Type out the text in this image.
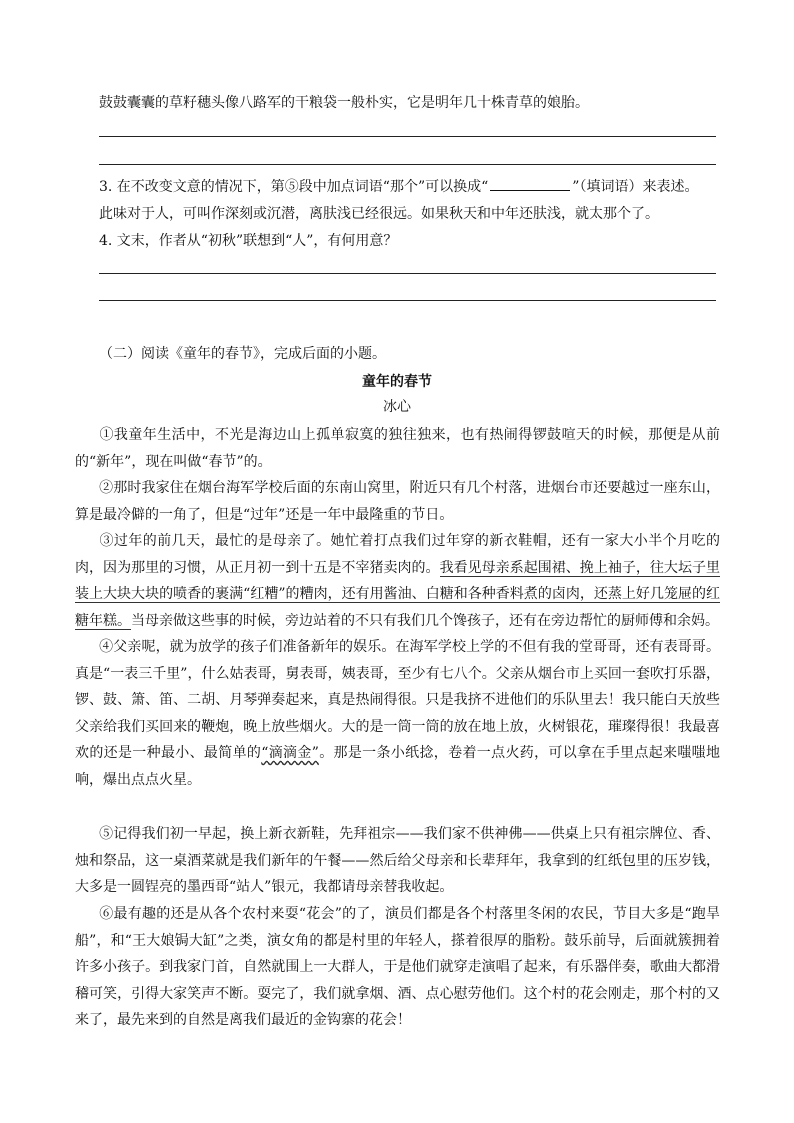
鼓鼓囊囊的草籽穗头像八路军的干粮袋一般朴实，它是明年几十株青草的娘胎。
3. 在不改变文意的情况下，第⑤段中加点词语“那个”可以换成“	”（填词语）来表述。
此味对于人，可叫作深刻或沉潜，离肤浅已经很远。如果秋天和中年还肤浅，就太那个了。
4. 文末，作者从“初秋”联想到“人”，有何用意？
（二）阅读《童年的春节》，完成后面的小题。
童年的春节
冰心
①我童年生活中，不光是海边山上孤单寂寞的独往独来，也有热闹得锣鼓喧天的时候，那便是从前的“新年”，现在叫做“春节”的。
②那时我家住在烟台海军学校后面的东南山窝里，附近只有几个村落，进烟台市还要越过一座东山，算是最冷僻的一角了，但是“过年”还是一年中最隆重的节日。
③过年的前几天，最忙的是母亲了。她忙着打点我们过年穿的新衣鞋帽，还有一家大小半个月吃的肉，因为那里的习惯，从正月初一到十五是不宰猪卖肉的。我看见母亲系起围裙、挽上袖子，往大坛子里装上大块大块的喷香的裹满“红糟”的糟肉，还有用酱油、白糖和各种香料煮的卤肉，还蒸上好几笼屉的红糖年糕。当母亲做这些事的时候，旁边站着的不只有我们几个馋孩子，还有在旁边帮忙的厨师傅和余妈。
④父亲呢，就为放学的孩子们准备新年的娱乐。在海军学校上学的不但有我的堂哥哥，还有表哥哥。真是“一表三千里”，什么姑表哥，舅表哥，姨表哥，至少有七八个。父亲从烟台市上买回一套吹打乐器，锣、鼓、箫、笛、二胡、月琴弹奏起来，真是热闹得很。只是我挤不进他们的乐队里去！我只能白天放些父亲给我们买回来的鞭炮，晚上放些烟火。大的是一筒一筒的放在地上放，火树银花，璀璨得很！我最喜欢的还是一种最小、最简单的“滴滴金”。那是一条小纸捻，卷着一点火药，可以拿在手里点起来嗤嗤地响，爆出点点火星。
⑤记得我们初一早起，换上新衣新鞋，先拜祖宗——我们家不供神佛——供桌上只有祖宗牌位、香、烛和祭品，这一桌酒菜就是我们新年的午餐——然后给父母亲和长辈拜年，我拿到的红纸包里的压岁钱，大多是一圆锃亮的墨西哥“站人”银元，我都请母亲替我收起。
⑥最有趣的还是从各个农村来耍“花会”的了，演员们都是各个村落里冬闲的农民，节目大多是“跑旱船”，和“王大娘锔大缸”之类，演女角的都是村里的年轻人，搽着很厚的脂粉。鼓乐前导，后面就簇拥着许多小孩子。到我家门首，自然就围上一大群人，于是他们就穿走演唱了起来，有乐器伴奏，歌曲大都滑稽可笑，引得大家笑声不断。耍完了，我们就拿烟、酒、点心慰劳他们。这个村的花会刚走，那个村的又来了，最先来到的自然是离我们最近的金钩寨的花会！
